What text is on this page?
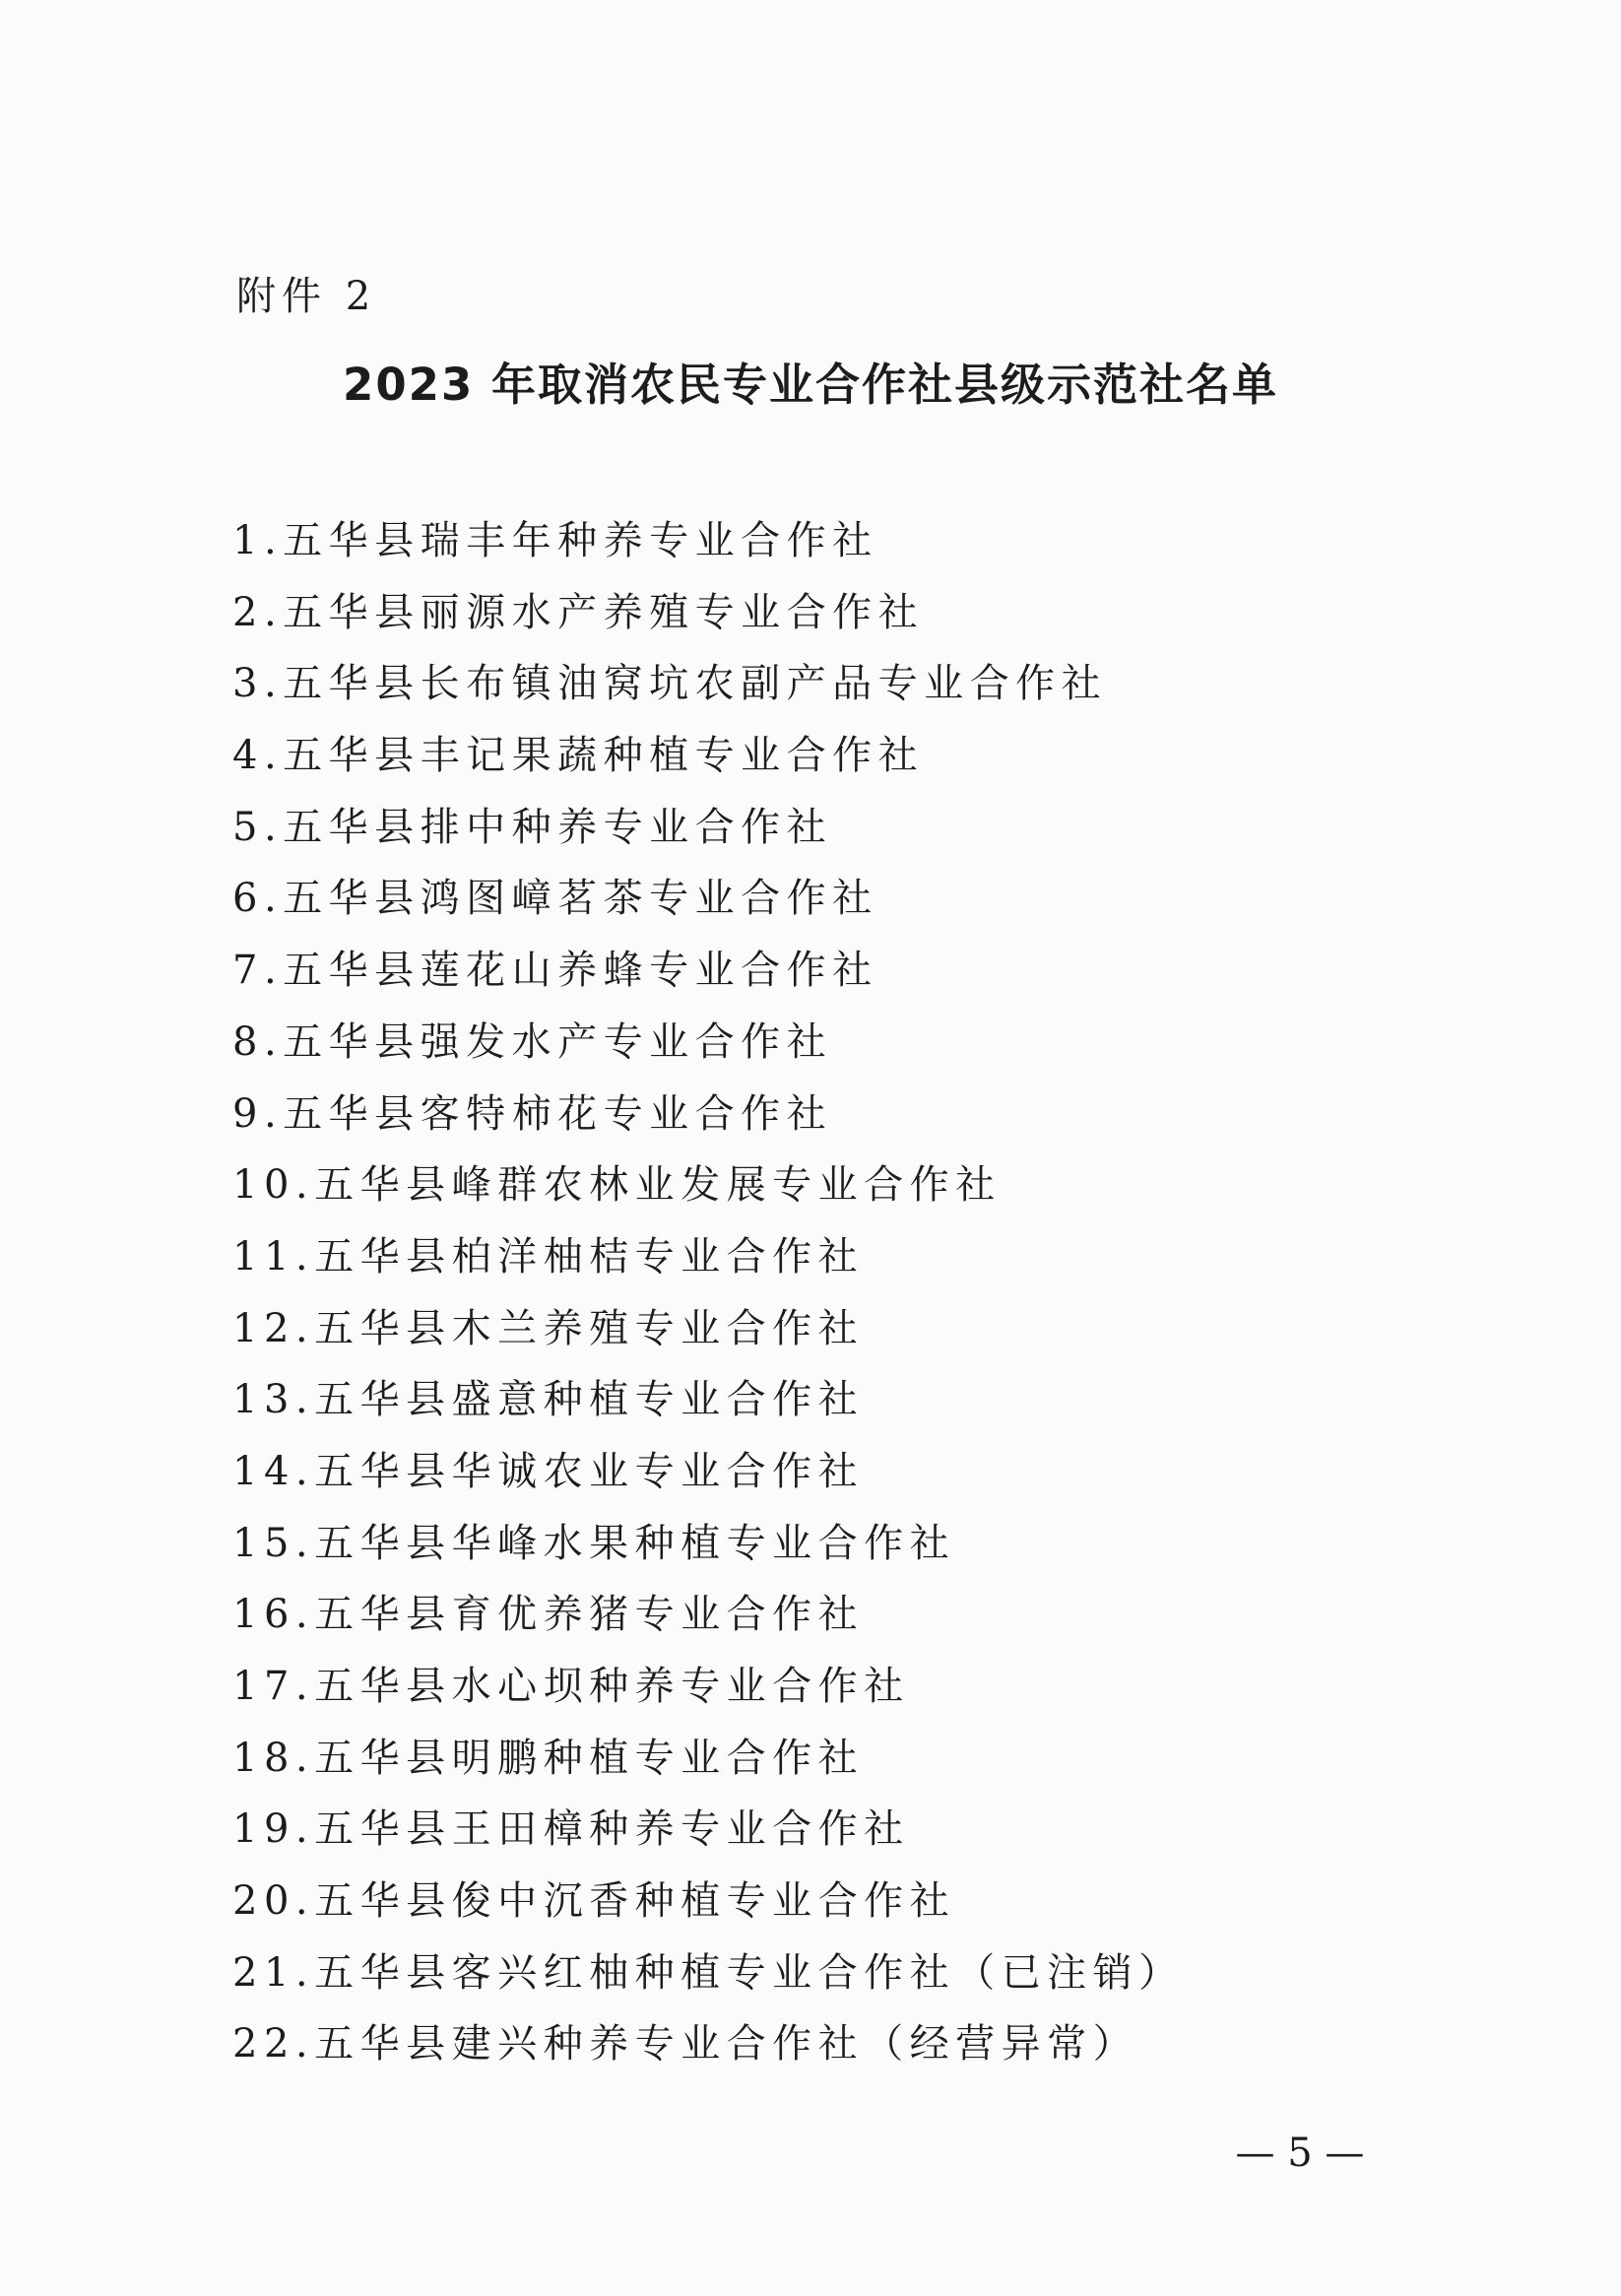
附件 2
2023 年取消农民专业合作社县级示范社名单
1.五华县瑞丰年种养专业合作社
2.五华县丽源水产养殖专业合作社
3.五华县长布镇油窝坑农副产品专业合作社
4.五华县丰记果蔬种植专业合作社
5.五华县排中种养专业合作社
6.五华县鸿图嶂茗茶专业合作社
7.五华县莲花山养蜂专业合作社
8.五华县强发水产专业合作社
9.五华县客特柿花专业合作社
10.五华县峰群农林业发展专业合作社
11.五华县柏洋柚桔专业合作社
12.五华县木兰养殖专业合作社
13.五华县盛意种植专业合作社
14.五华县华诚农业专业合作社
15.五华县华峰水果种植专业合作社
16.五华县育优养猪专业合作社
17.五华县水心坝种养专业合作社
18.五华县明鹏种植专业合作社
19.五华县王田樟种养专业合作社
20.五华县俊中沉香种植专业合作社
21.五华县客兴红柚种植专业合作社（已注销）
22.五华县建兴种养专业合作社（经营异常）
— 5 —
